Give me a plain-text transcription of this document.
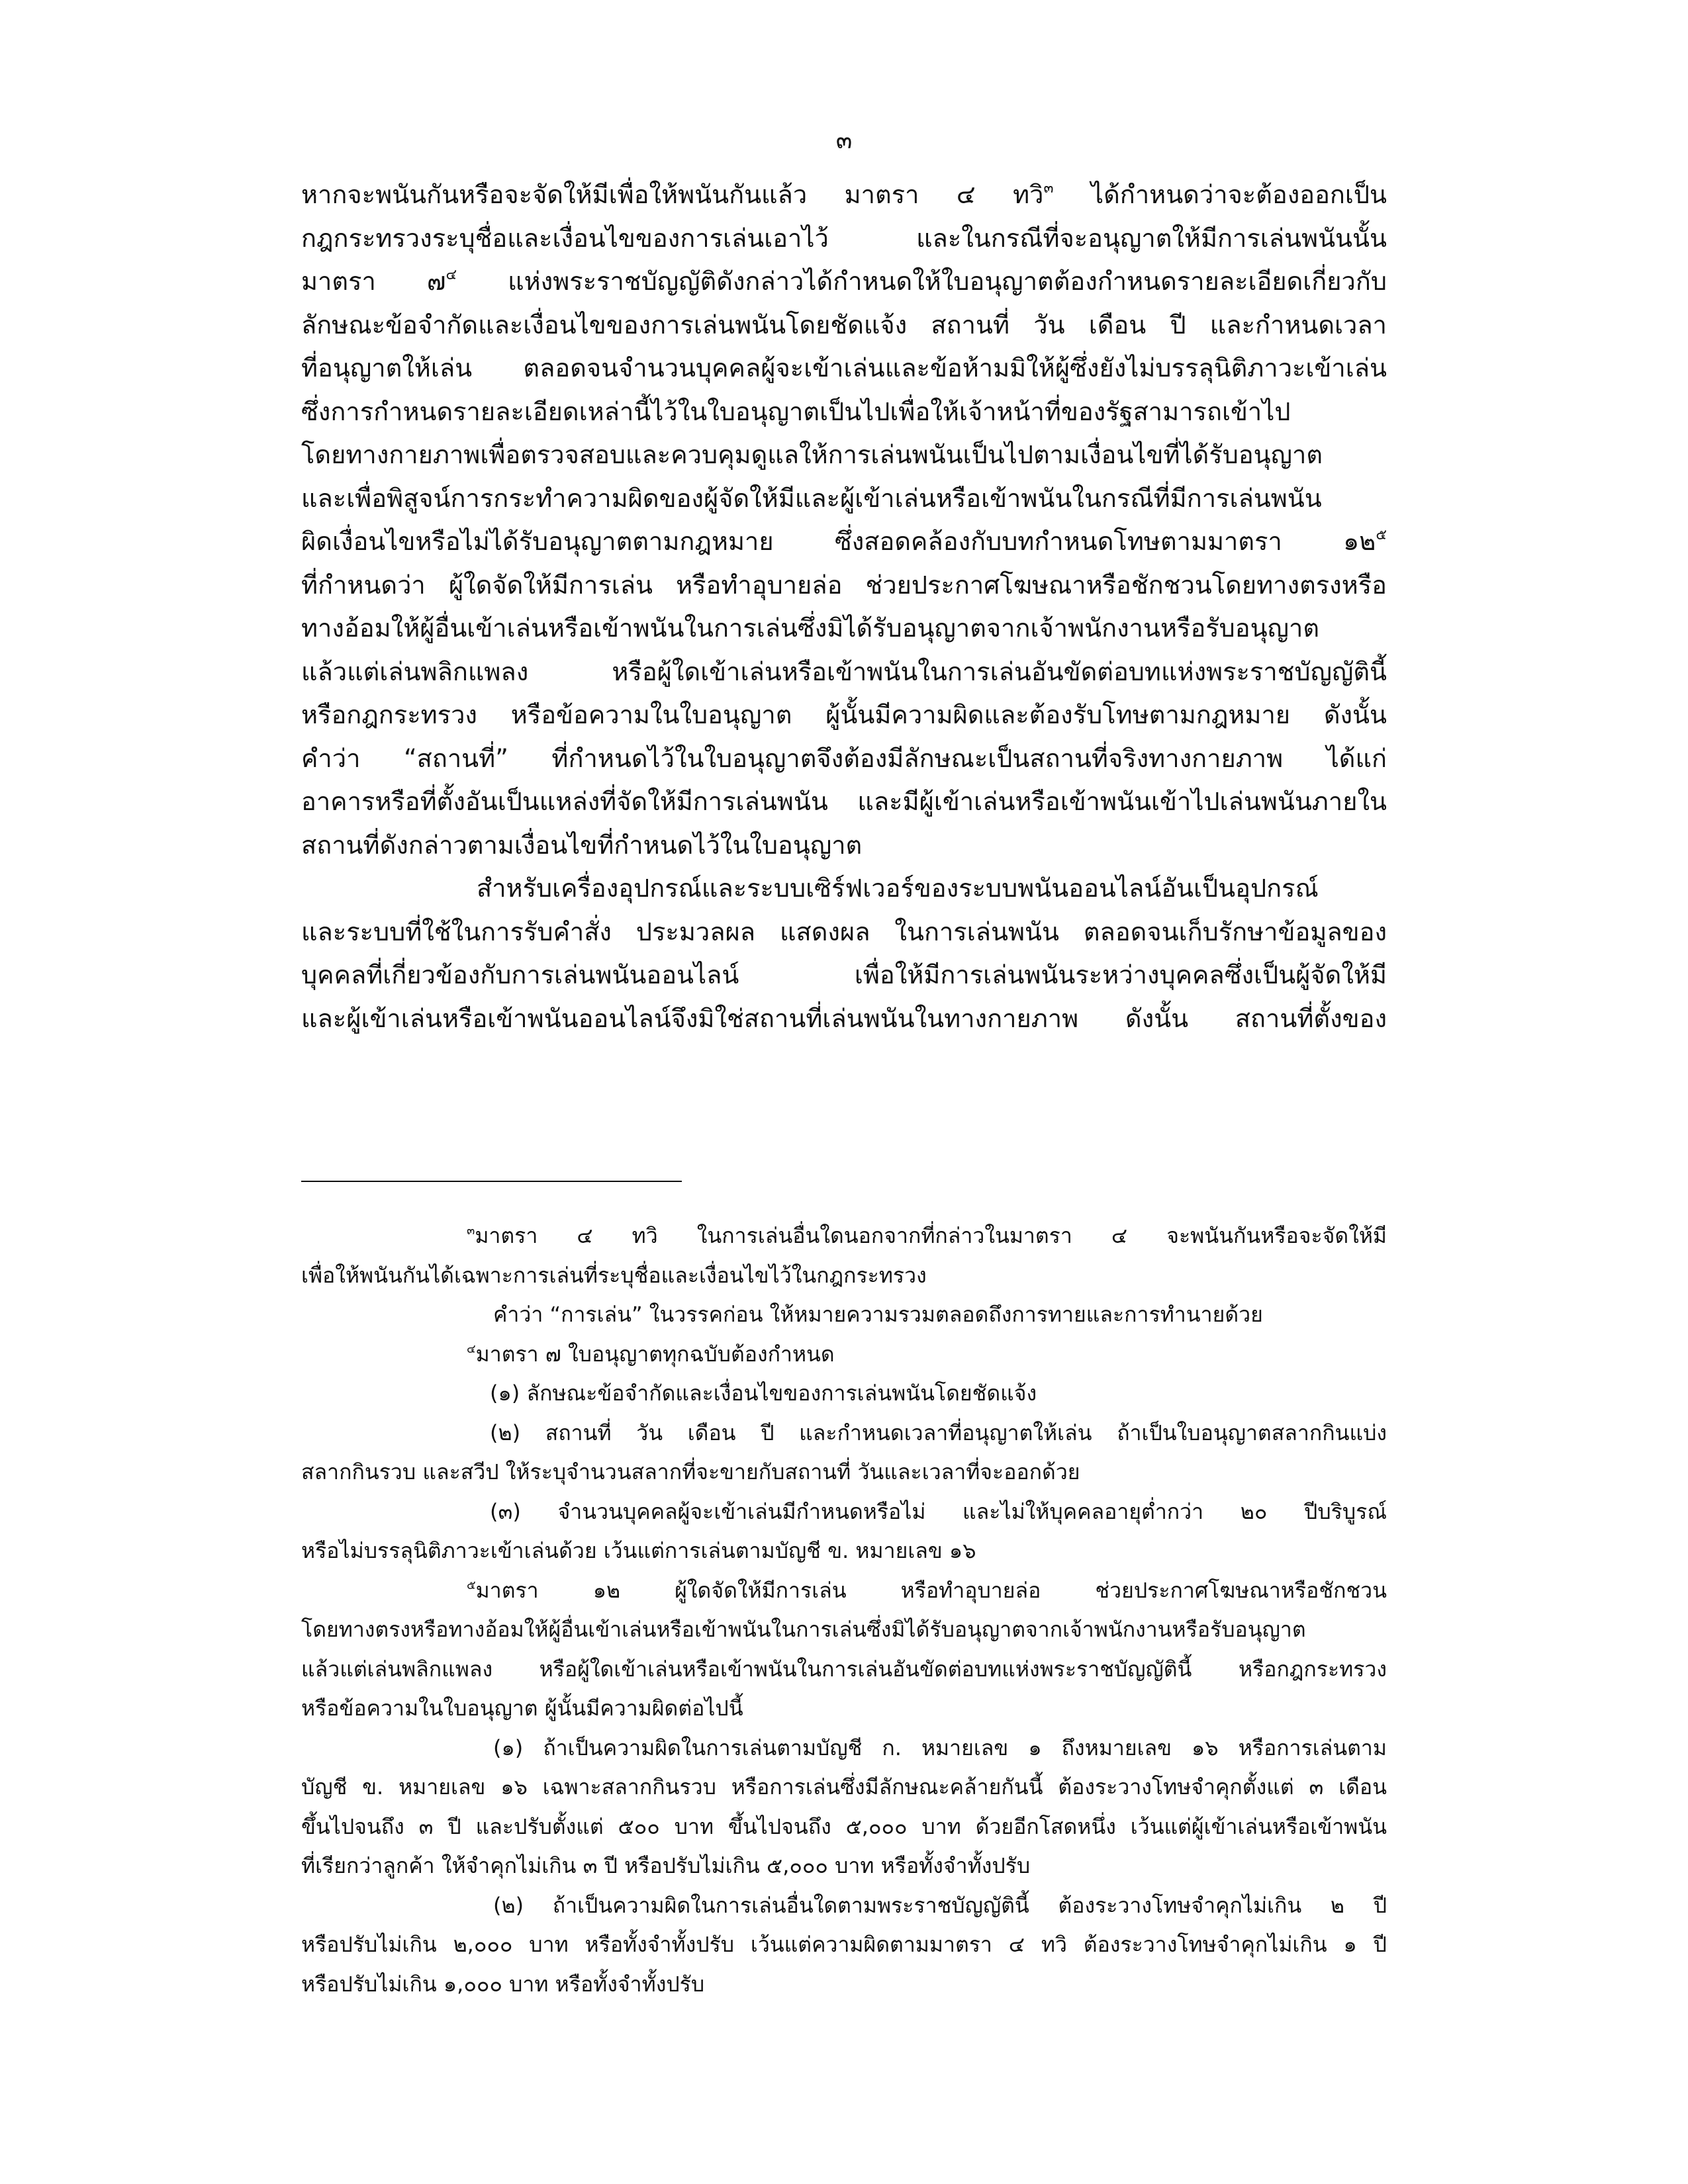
๓
หากจะพนันกันหรือจะจัดให้มีเพื่อให้พนันกันแล้ว มาตรา ๔ ทวิ$^๓$ ได้กำหนดว่าจะต้องออกเป็น
กฎกระทรวงระบุชื่อและเงื่อนไขของการเล่นเอาไว้ และในกรณีที่จะอนุญาตให้มีการเล่นพนันนั้น
มาตรา ๗$^๔$ แห่งพระราชบัญญัติดังกล่าวได้กำหนดให้ใบอนุญาตต้องกำหนดรายละเอียดเกี่ยวกับ
ลักษณะข้อจำกัดและเงื่อนไขของการเล่นพนันโดยชัดแจ้ง สถานที่ วัน เดือน ปี และกำหนดเวลา
ที่อนุญาตให้เล่น ตลอดจนจำนวนบุคคลผู้จะเข้าเล่นและข้อห้ามมิให้ผู้ซึ่งยังไม่บรรลุนิติภาวะเข้าเล่น
ซึ่งการกำหนดรายละเอียดเหล่านี้ไว้ในใบอนุญาตเป็นไปเพื่อให้เจ้าหน้าที่ของรัฐสามารถเข้าไป
โดยทางกายภาพเพื่อตรวจสอบและควบคุมดูแลให้การเล่นพนันเป็นไปตามเงื่อนไขที่ได้รับอนุญาต
และเพื่อพิสูจน์การกระทำความผิดของผู้จัดให้มีและผู้เข้าเล่นหรือเข้าพนันในกรณีที่มีการเล่นพนัน
ผิดเงื่อนไขหรือไม่ได้รับอนุญาตตามกฎหมาย ซึ่งสอดคล้องกับบทกำหนดโทษตามมาตรา ๑๒$^๕$
ที่กำหนดว่า ผู้ใดจัดให้มีการเล่น หรือทำอุบายล่อ ช่วยประกาศโฆษณาหรือชักชวนโดยทางตรงหรือ
ทางอ้อมให้ผู้อื่นเข้าเล่นหรือเข้าพนันในการเล่นซึ่งมิได้รับอนุญาตจากเจ้าพนักงานหรือรับอนุญาต
แล้วแต่เล่นพลิกแพลง หรือผู้ใดเข้าเล่นหรือเข้าพนันในการเล่นอันขัดต่อบทแห่งพระราชบัญญัตินี้
หรือกฎกระทรวง หรือข้อความในใบอนุญาต ผู้นั้นมีความผิดและต้องรับโทษตามกฎหมาย ดังนั้น
คำว่า “สถานที่” ที่กำหนดไว้ในใบอนุญาตจึงต้องมีลักษณะเป็นสถานที่จริงทางกายภาพ ได้แก่
อาคารหรือที่ตั้งอันเป็นแหล่งที่จัดให้มีการเล่นพนัน และมีผู้เข้าเล่นหรือเข้าพนันเข้าไปเล่นพนันภายใน
สถานที่ดังกล่าวตามเงื่อนไขที่กำหนดไว้ในใบอนุญาต
สำหรับเครื่องอุปกรณ์และระบบเซิร์ฟเวอร์ของระบบพนันออนไลน์อันเป็นอุปกรณ์
และระบบที่ใช้ในการรับคำสั่ง ประมวลผล แสดงผล ในการเล่นพนัน ตลอดจนเก็บรักษาข้อมูลของ
บุคคลที่เกี่ยวข้องกับการเล่นพนันออนไลน์ เพื่อให้มีการเล่นพนันระหว่างบุคคลซึ่งเป็นผู้จัดให้มี
และผู้เข้าเล่นหรือเข้าพนันออนไลน์จึงมิใช่สถานที่เล่นพนันในทางกายภาพ ดังนั้น สถานที่ตั้งของ
$^๓$มาตรา ๔ ทวิ ในการเล่นอื่นใดนอกจากที่กล่าวในมาตรา ๔ จะพนันกันหรือจะจัดให้มี
เพื่อให้พนันกันได้เฉพาะการเล่นที่ระบุชื่อและเงื่อนไขไว้ในกฎกระทรวง
คำว่า “การเล่น” ในวรรคก่อน ให้หมายความรวมตลอดถึงการทายและการทำนายด้วย
$^๔$มาตรา ๗ ใบอนุญาตทุกฉบับต้องกำหนด
(๑) ลักษณะข้อจำกัดและเงื่อนไขของการเล่นพนันโดยชัดแจ้ง
(๒) สถานที่ วัน เดือน ปี และกำหนดเวลาที่อนุญาตให้เล่น ถ้าเป็นใบอนุญาตสลากกินแบ่ง
สลากกินรวบ และสวีป ให้ระบุจำนวนสลากที่จะขายกับสถานที่ วันและเวลาที่จะออกด้วย
(๓) จำนวนบุคคลผู้จะเข้าเล่นมีกำหนดหรือไม่ และไม่ให้บุคคลอายุต่ำกว่า ๒๐ ปีบริบูรณ์
หรือไม่บรรลุนิติภาวะเข้าเล่นด้วย เว้นแต่การเล่นตามบัญชี ข. หมายเลข ๑๖
$^๕$มาตรา ๑๒ ผู้ใดจัดให้มีการเล่น หรือทำอุบายล่อ ช่วยประกาศโฆษณาหรือชักชวน
โดยทางตรงหรือทางอ้อมให้ผู้อื่นเข้าเล่นหรือเข้าพนันในการเล่นซึ่งมิได้รับอนุญาตจากเจ้าพนักงานหรือรับอนุญาต
แล้วแต่เล่นพลิกแพลง หรือผู้ใดเข้าเล่นหรือเข้าพนันในการเล่นอันขัดต่อบทแห่งพระราชบัญญัตินี้ หรือกฎกระทรวง
หรือข้อความในใบอนุญาต ผู้นั้นมีความผิดต่อไปนี้
(๑) ถ้าเป็นความผิดในการเล่นตามบัญชี ก. หมายเลข ๑ ถึงหมายเลข ๑๖ หรือการเล่นตาม
บัญชี ข. หมายเลข ๑๖ เฉพาะสลากกินรวบ หรือการเล่นซึ่งมีลักษณะคล้ายกันนี้ ต้องระวางโทษจำคุกตั้งแต่ ๓ เดือน
ขึ้นไปจนถึง ๓ ปี และปรับตั้งแต่ ๕๐๐ บาท ขึ้นไปจนถึง ๕,๐๐๐ บาท ด้วยอีกโสดหนึ่ง เว้นแต่ผู้เข้าเล่นหรือเข้าพนัน
ที่เรียกว่าลูกค้า ให้จำคุกไม่เกิน ๓ ปี หรือปรับไม่เกิน ๕,๐๐๐ บาท หรือทั้งจำทั้งปรับ
(๒) ถ้าเป็นความผิดในการเล่นอื่นใดตามพระราชบัญญัตินี้ ต้องระวางโทษจำคุกไม่เกิน ๒ ปี
หรือปรับไม่เกิน ๒,๐๐๐ บาท หรือทั้งจำทั้งปรับ เว้นแต่ความผิดตามมาตรา ๔ ทวิ ต้องระวางโทษจำคุกไม่เกิน ๑ ปี
หรือปรับไม่เกิน ๑,๐๐๐ บาท หรือทั้งจำทั้งปรับ
